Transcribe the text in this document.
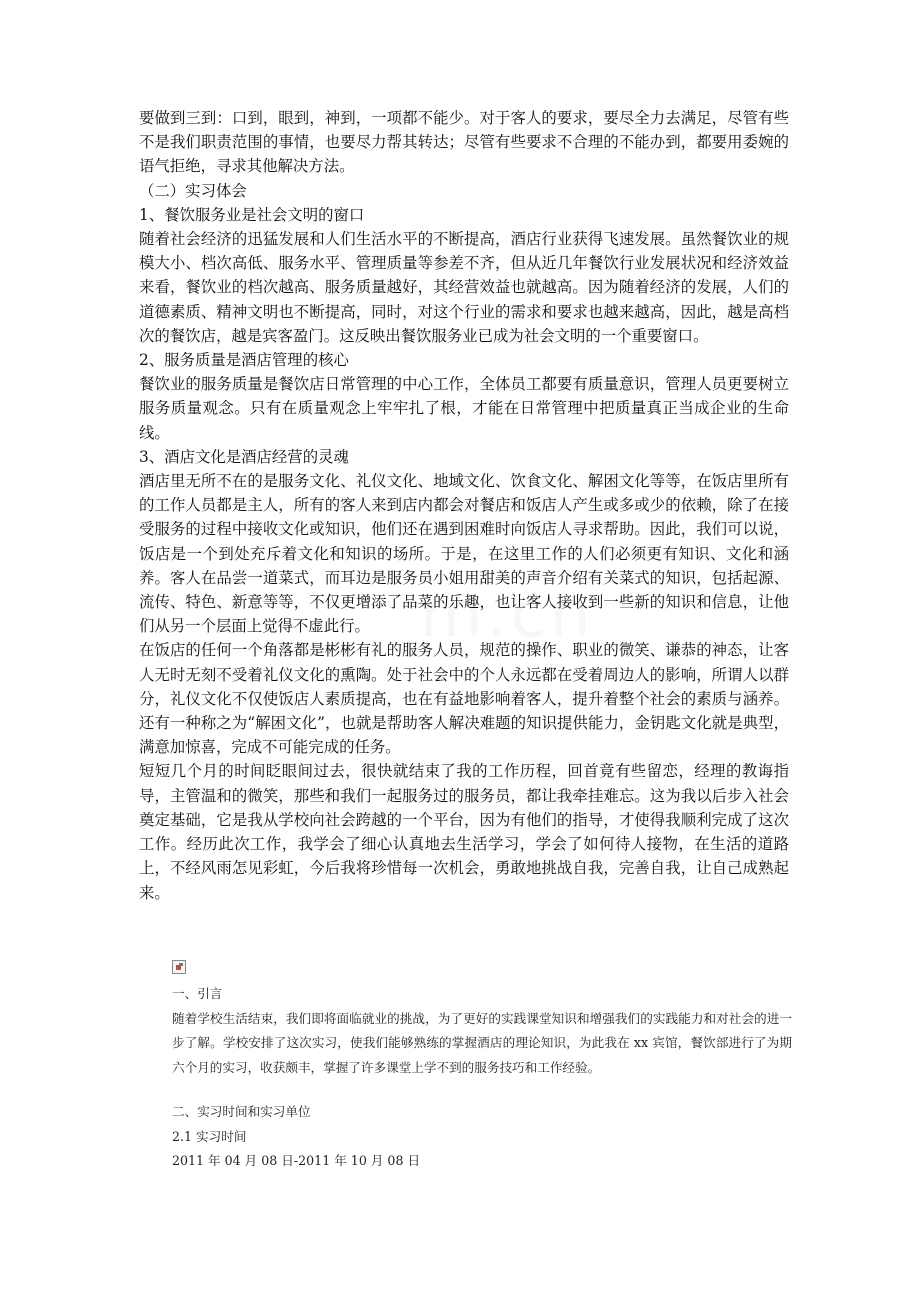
m.cn

要做到三到：口到，眼到，神到，一项都不能少。对于客人的要求，要尽全力去满足，尽管有些不是我们职责范围的事情，也要尽力帮其转达；尽管有些要求不合理的不能办到，都要用委婉的语气拒绝，寻求其他解决方法。

（二）实习体会

1、餐饮服务业是社会文明的窗口

随着社会经济的迅猛发展和人们生活水平的不断提高，酒店行业获得飞速发展。虽然餐饮业的规模大小、档次高低、服务水平、管理质量等参差不齐，但从近几年餐饮行业发展状况和经济效益来看，餐饮业的档次越高、服务质量越好，其经营效益也就越高。因为随着经济的发展，人们的道德素质、精神文明也不断提高，同时，对这个行业的需求和要求也越来越高，因此，越是高档次的餐饮店，越是宾客盈门。这反映出餐饮服务业已成为社会文明的一个重要窗口。

2、服务质量是酒店管理的核心

餐饮业的服务质量是餐饮店日常管理的中心工作，全体员工都要有质量意识，管理人员更要树立服务质量观念。只有在质量观念上牢牢扎了根，才能在日常管理中把质量真正当成企业的生命线。

3、酒店文化是酒店经营的灵魂

酒店里无所不在的是服务文化、礼仪文化、地域文化、饮食文化、解困文化等等，在饭店里所有的工作人员都是主人，所有的客人来到店内都会对餐店和饭店人产生或多或少的依赖，除了在接受服务的过程中接收文化或知识，他们还在遇到困难时向饭店人寻求帮助。因此，我们可以说，饭店是一个到处充斥着文化和知识的场所。于是，在这里工作的人们必须更有知识、文化和涵养。客人在品尝一道菜式，而耳边是服务员小姐用甜美的声音介绍有关菜式的知识，包括起源、流传、特色、新意等等，不仅更增添了品菜的乐趣，也让客人接收到一些新的知识和信息，让他们从另一个层面上觉得不虚此行。

在饭店的任何一个角落都是彬彬有礼的服务人员，规范的操作、职业的微笑、谦恭的神态，让客人无时无刻不受着礼仪文化的熏陶。处于社会中的个人永远都在受着周边人的影响，所谓人以群分，礼仪文化不仅使饭店人素质提高，也在有益地影响着客人，提升着整个社会的素质与涵养。还有一种称之为“解困文化”，也就是帮助客人解决难题的知识提供能力，金钥匙文化就是典型，满意加惊喜，完成不可能完成的任务。

短短几个月的时间眨眼间过去，很快就结束了我的工作历程，回首竟有些留恋，经理的教诲指导，主管温和的微笑，那些和我们一起服务过的服务员，都让我牵挂难忘。这为我以后步入社会奠定基础，它是我从学校向社会跨越的一个平台，因为有他们的指导，才使得我顺利完成了这次工作。经历此次工作，我学会了细心认真地去生活学习，学会了如何待人接物，在生活的道路上，不经风雨怎见彩虹，今后我将珍惜每一次机会，勇敢地挑战自我，完善自我，让自己成熟起来。

一、引言

随着学校生活结束，我们即将面临就业的挑战，为了更好的实践课堂知识和增强我们的实践能力和对社会的进一步了解。学校安排了这次实习，使我们能够熟练的掌握酒店的理论知识，为此我在 xx 宾馆，餐饮部进行了为期六个月的实习，收获颇丰，掌握了许多课堂上学不到的服务技巧和工作经验。

二、实习时间和实习单位

2.1 实习时间

2011 年 04 月 08 日-2011 年 10 月 08 日
